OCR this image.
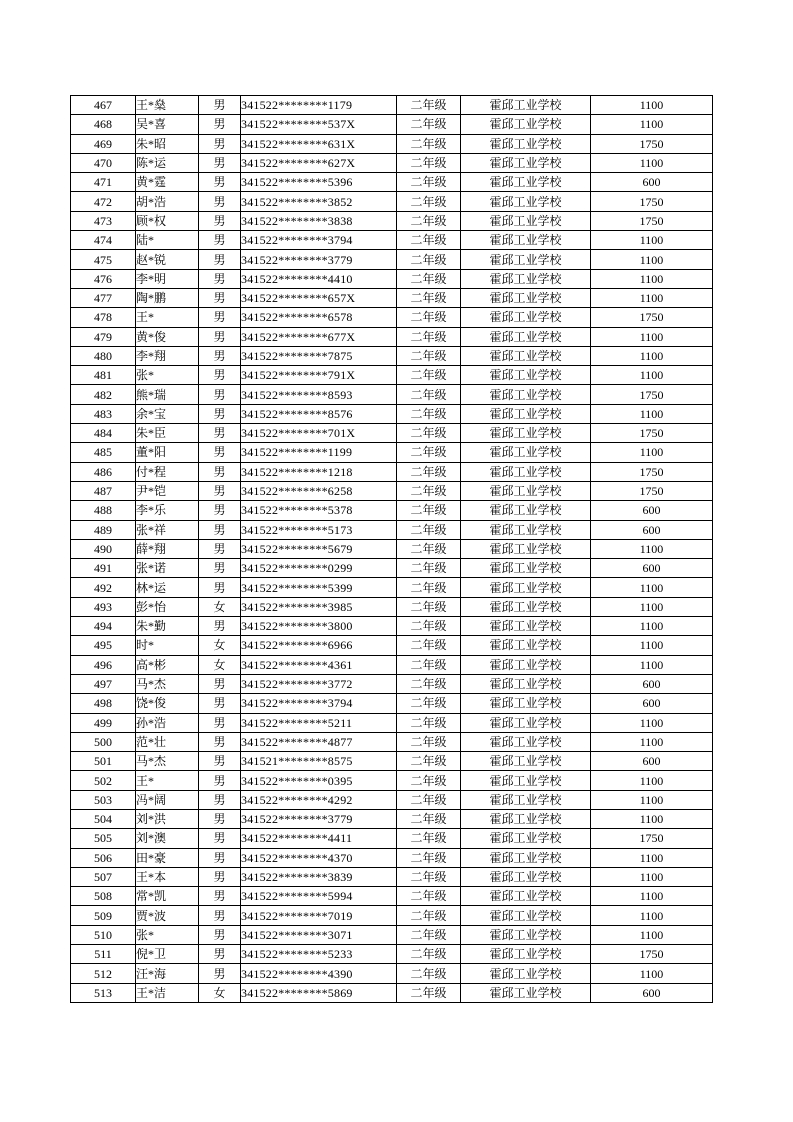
467	王*燊	男	341522********1179	二年级	霍邱工业学校	1100
468	吴*喜	男	341522********537X	二年级	霍邱工业学校	1100
469	朱*昭	男	341522********631X	二年级	霍邱工业学校	1750
470	陈*运	男	341522********627X	二年级	霍邱工业学校	1100
471	黄*霆	男	341522********5396	二年级	霍邱工业学校	600
472	胡*浩	男	341522********3852	二年级	霍邱工业学校	1750
473	顾*权	男	341522********3838	二年级	霍邱工业学校	1750
474	陆*	男	341522********3794	二年级	霍邱工业学校	1100
475	赵*锐	男	341522********3779	二年级	霍邱工业学校	1100
476	李*明	男	341522********4410	二年级	霍邱工业学校	1100
477	陶*鹏	男	341522********657X	二年级	霍邱工业学校	1100
478	王*	男	341522********6578	二年级	霍邱工业学校	1750
479	黄*俊	男	341522********677X	二年级	霍邱工业学校	1100
480	李*翔	男	341522********7875	二年级	霍邱工业学校	1100
481	张*	男	341522********791X	二年级	霍邱工业学校	1100
482	熊*瑞	男	341522********8593	二年级	霍邱工业学校	1750
483	余*宝	男	341522********8576	二年级	霍邱工业学校	1100
484	朱*臣	男	341522********701X	二年级	霍邱工业学校	1750
485	董*阳	男	341522********1199	二年级	霍邱工业学校	1100
486	付*程	男	341522********1218	二年级	霍邱工业学校	1750
487	尹*铠	男	341522********6258	二年级	霍邱工业学校	1750
488	李*乐	男	341522********5378	二年级	霍邱工业学校	600
489	张*祥	男	341522********5173	二年级	霍邱工业学校	600
490	薛*翔	男	341522********5679	二年级	霍邱工业学校	1100
491	张*诺	男	341522********0299	二年级	霍邱工业学校	600
492	林*运	男	341522********5399	二年级	霍邱工业学校	1100
493	彭*怡	女	341522********3985	二年级	霍邱工业学校	1100
494	朱*勤	男	341522********3800	二年级	霍邱工业学校	1100
495	时*	女	341522********6966	二年级	霍邱工业学校	1100
496	高*彬	女	341522********4361	二年级	霍邱工业学校	1100
497	马*杰	男	341522********3772	二年级	霍邱工业学校	600
498	饶*俊	男	341522********3794	二年级	霍邱工业学校	600
499	孙*浩	男	341522********5211	二年级	霍邱工业学校	1100
500	范*壮	男	341522********4877	二年级	霍邱工业学校	1100
501	马*杰	男	341521********8575	二年级	霍邱工业学校	600
502	王*	男	341522********0395	二年级	霍邱工业学校	1100
503	冯*阔	男	341522********4292	二年级	霍邱工业学校	1100
504	刘*洪	男	341522********3779	二年级	霍邱工业学校	1100
505	刘*澳	男	341522********4411	二年级	霍邱工业学校	1750
506	田*豪	男	341522********4370	二年级	霍邱工业学校	1100
507	王*本	男	341522********3839	二年级	霍邱工业学校	1100
508	常*凯	男	341522********5994	二年级	霍邱工业学校	1100
509	贾*波	男	341522********7019	二年级	霍邱工业学校	1100
510	张*	男	341522********3071	二年级	霍邱工业学校	1100
511	倪*卫	男	341522********5233	二年级	霍邱工业学校	1750
512	汪*海	男	341522********4390	二年级	霍邱工业学校	1100
513	王*洁	女	341522********5869	二年级	霍邱工业学校	600
